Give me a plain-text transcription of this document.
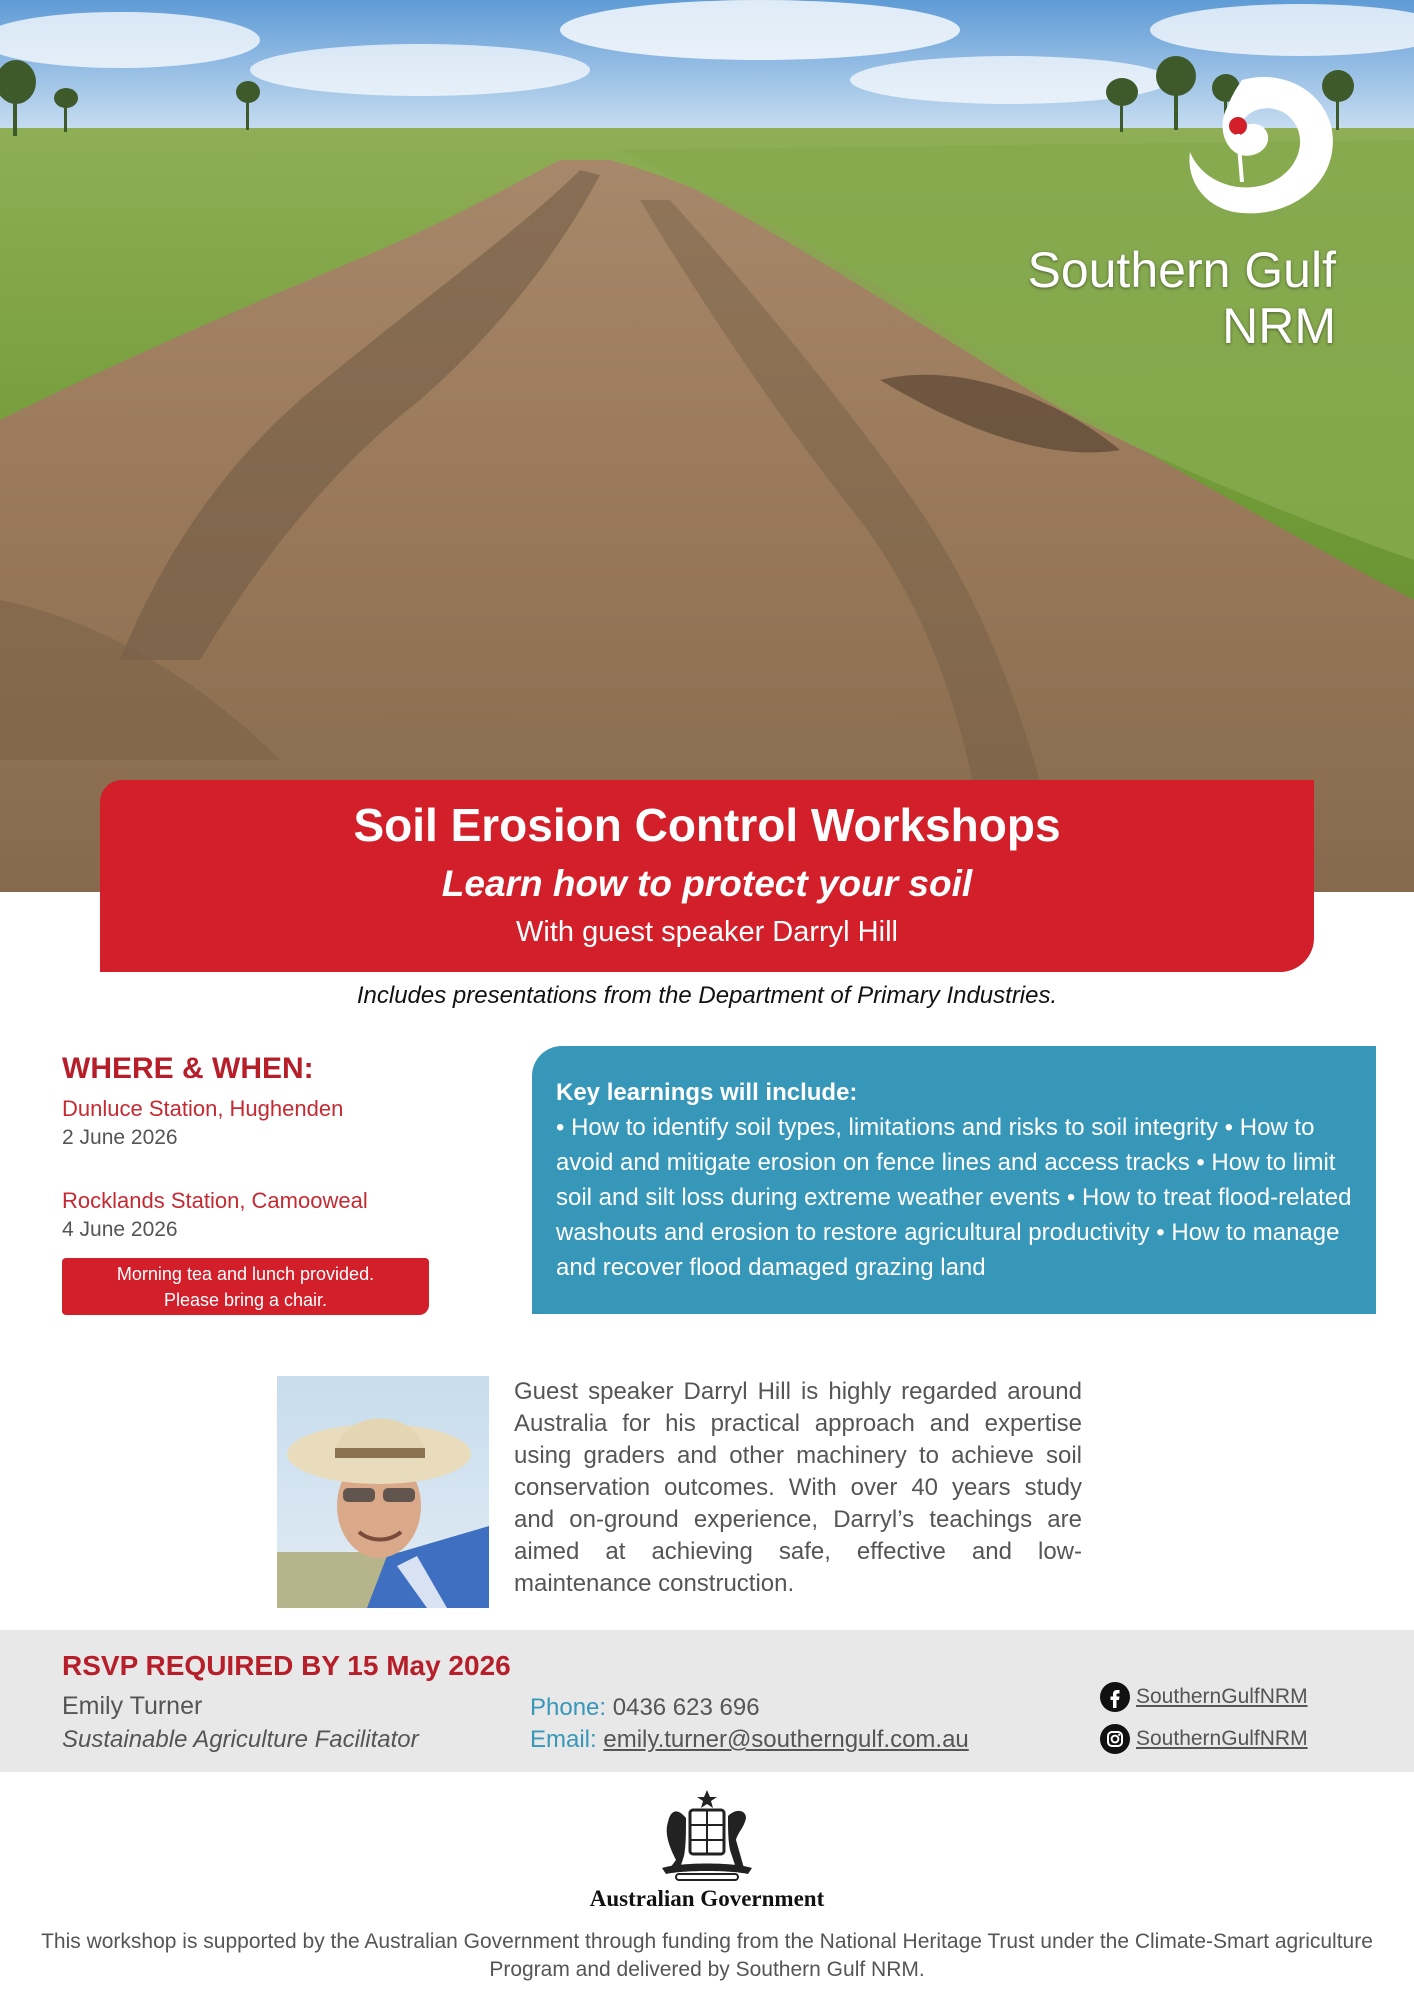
Southern Gulf
NRM
Soil Erosion Control Workshops
Learn how to protect your soil
With guest speaker Darryl Hill
Includes presentations from the Department of Primary Industries.
WHERE & WHEN:
Dunluce Station, Hughenden
2 June 2026
Rocklands Station, Camooweal
4 June 2026
Morning tea and lunch provided.
Please bring a chair.
Key learnings will include:
• How to identify soil types, limitations and risks to soil integrity • How to avoid and mitigate erosion on fence lines and access tracks • How to limit soil and silt loss during extreme weather events • How to treat flood-related washouts and erosion to restore agricultural productivity • How to manage and recover flood damaged grazing land
Guest speaker Darryl Hill is highly regarded around Australia for his practical approach and expertise using graders and other machinery to achieve soil conservation outcomes. With over 40 years study and on-ground experience, Darryl’s teachings are aimed at achieving safe, effective and low-maintenance construction.
RSVP REQUIRED BY 15 May 2026
Emily Turner
Sustainable Agriculture Facilitator
Phone: 0436 623 696
Email: emily.turner@southerngulf.com.au
SouthernGulfNRM
SouthernGulfNRM
Australian Government
This workshop is supported by the Australian Government through funding from the National Heritage Trust under the Climate-Smart agriculture Program and delivered by Southern Gulf NRM.
